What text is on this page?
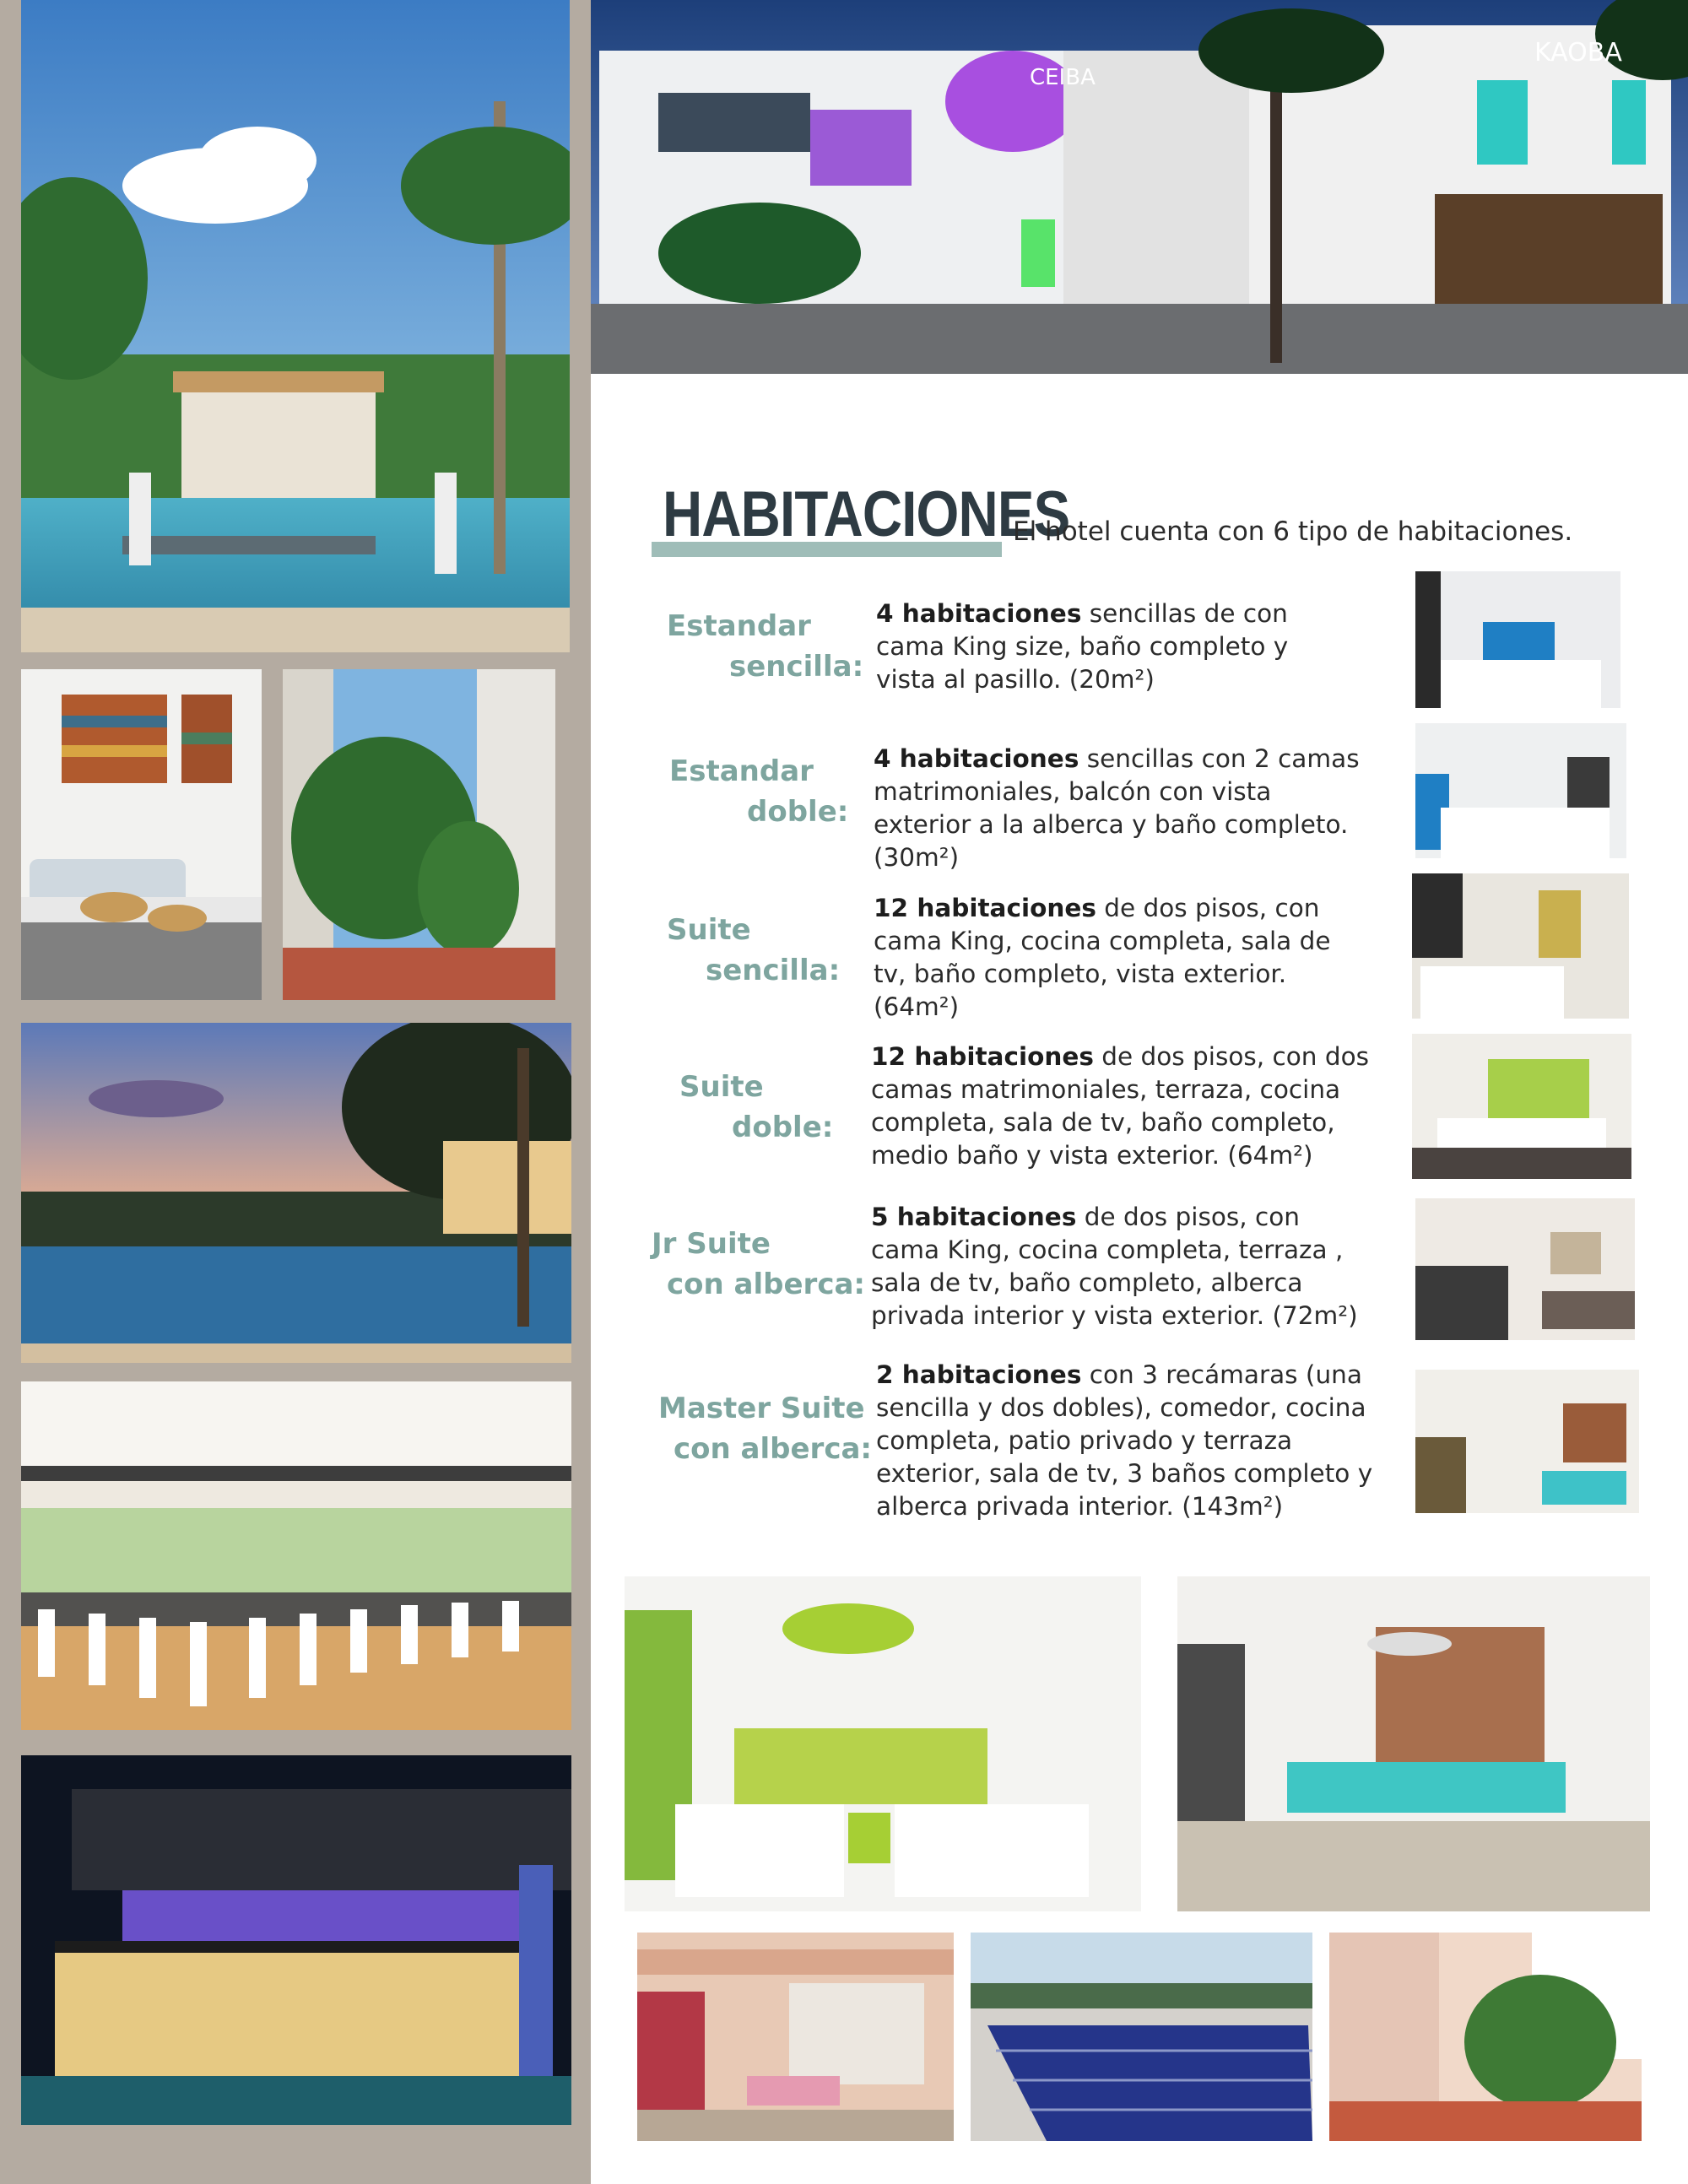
CEIBA
KAOBA
HABITACIONES
El hotel cuenta con 6 tipo de habitaciones.
Estandar
sencilla:
4 habitaciones sencillas de con
cama King size, baño completo y
vista al pasillo. (20m²)
Estandar
doble:
4 habitaciones sencillas con 2 camas
matrimoniales, balcón con vista
exterior a la alberca y baño completo.
(30m²)
Suite
sencilla:
12 habitaciones de dos pisos, con
cama King, cocina completa, sala de
tv, baño completo, vista exterior.
(64m²)
Suite
doble:
12 habitaciones de dos pisos, con dos
camas matrimoniales, terraza, cocina
completa, sala de tv, baño completo,
medio baño y vista exterior. (64m²)
Jr Suite
con alberca:
5 habitaciones de dos pisos, con
cama King, cocina completa, terraza ,
sala de tv, baño completo, alberca
privada interior y vista exterior. (72m²)
Master Suite
con alberca:
2 habitaciones con 3 recámaras (una
sencilla y dos dobles), comedor, cocina
completa, patio privado y terraza
exterior, sala de tv, 3 baños completo y
alberca privada interior. (143m²)
